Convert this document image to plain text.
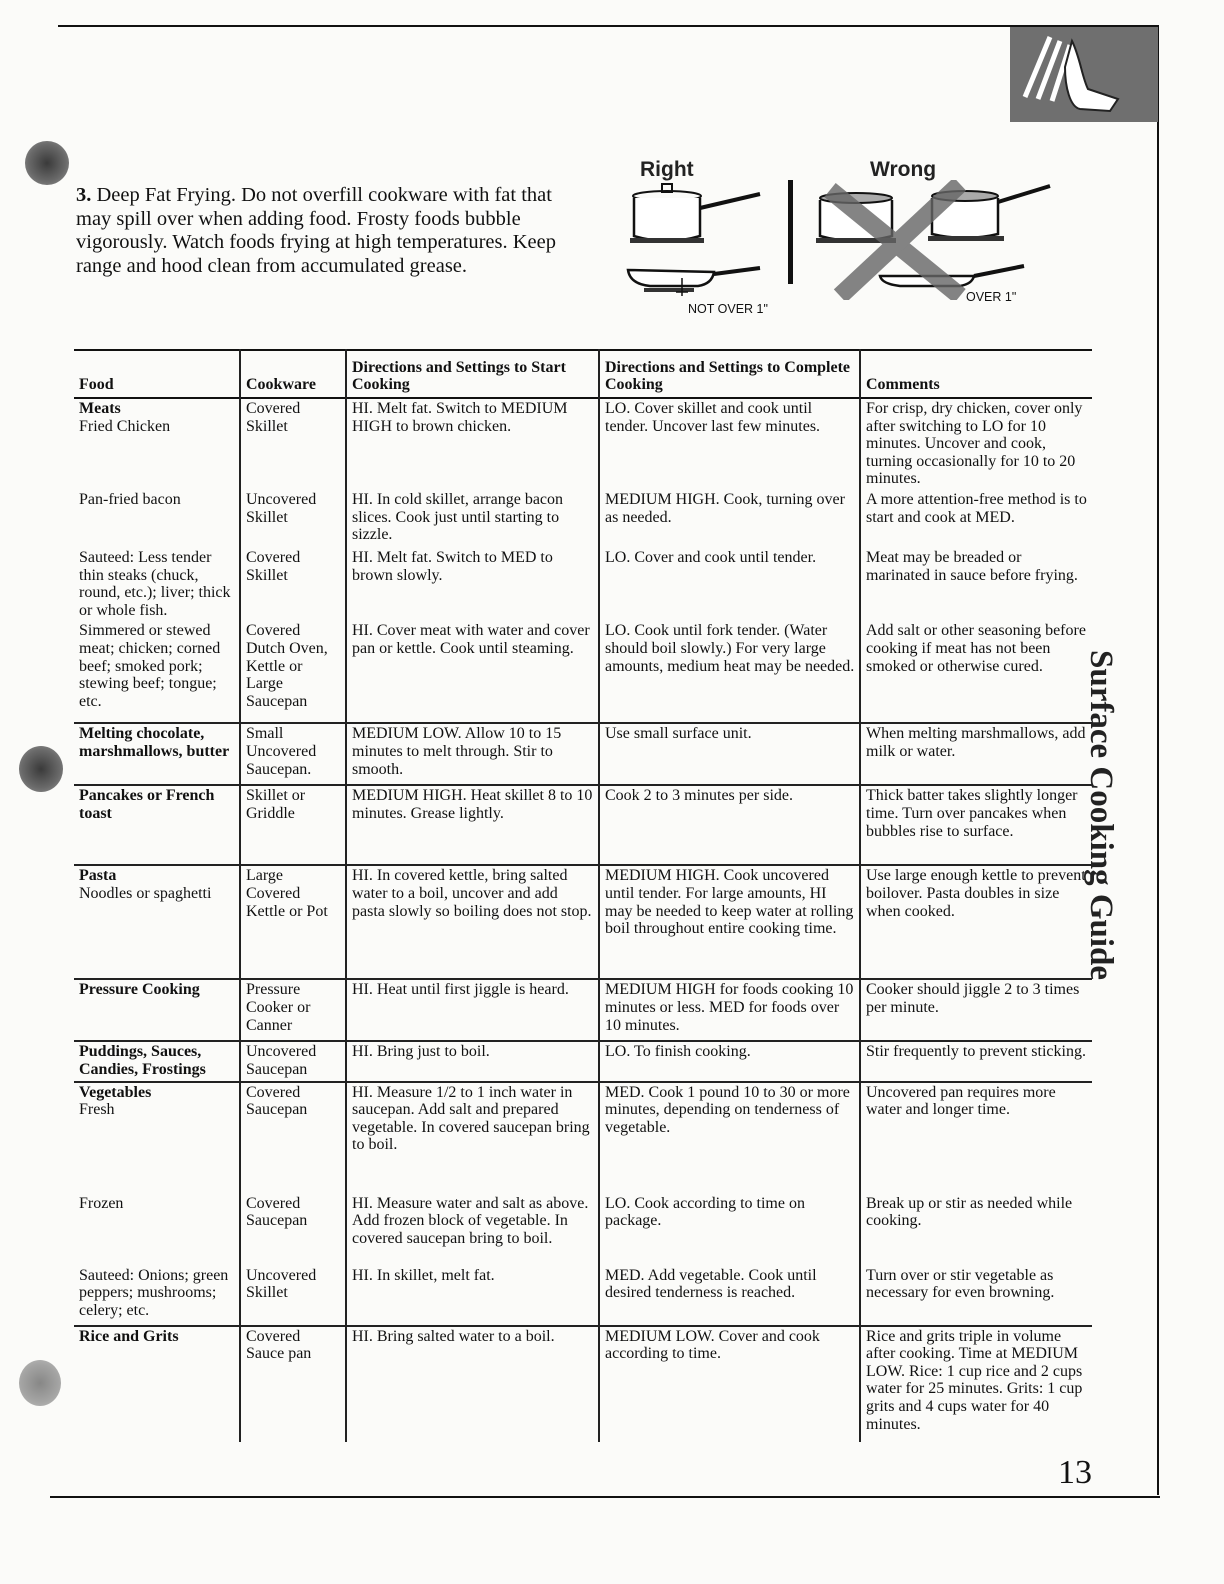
3. Deep Fat Frying. Do not overfill cookware with fat that may spill over when adding food. Frosty foods bubble vigorously. Watch foods frying at high temperatures. Keep range and hood clean from accumulated grease.
Right	Wrong
NOT OVER 1"
OVER 1"
Food	Cookware	Directions and Settings to Start Cooking	Directions and Settings to Complete Cooking	Comments

Meats
Fried Chicken	Covered Skillet	HI. Melt fat. Switch to MEDIUM HIGH to brown chicken.	LO. Cover skillet and cook until tender. Uncover last few minutes.	For crisp, dry chicken, cover only after switching to LO for 10 minutes. Uncover and cook, turning occasionally for 10 to 20 minutes.

Pan-fried bacon	Uncovered Skillet	HI. In cold skillet, arrange bacon slices. Cook just until starting to sizzle.	MEDIUM HIGH. Cook, turning over as needed.	A more attention-free method is to start and cook at MED.

Sauteed: Less tender thin steaks (chuck, round, etc.); liver; thick or whole fish.	Covered Skillet	HI. Melt fat. Switch to MED to brown slowly.	LO. Cover and cook until tender.	Meat may be breaded or marinated in sauce before frying.

Simmered or stewed meat; chicken; corned beef; smoked pork; stewing beef; tongue; etc.	Covered Dutch Oven, Kettle or Large Saucepan	HI. Cover meat with water and cover pan or kettle. Cook until steaming.	LO. Cook until fork tender. (Water should boil slowly.) For very large amounts, medium heat may be needed.	Add salt or other seasoning before cooking if meat has not been smoked or otherwise cured.

Melting chocolate, marshmallows, butter	Small Uncovered Saucepan.	MEDIUM LOW. Allow 10 to 15 minutes to melt through. Stir to smooth.	Use small surface unit.	When melting marshmallows, add milk or water.

Pancakes or French toast	Skillet or Griddle	MEDIUM HIGH. Heat skillet 8 to 10 minutes. Grease lightly.	Cook 2 to 3 minutes per side.	Thick batter takes slightly longer time. Turn over pancakes when bubbles rise to surface.

Pasta
Noodles or spaghetti	Large Covered Kettle or Pot	HI. In covered kettle, bring salted water to a boil, uncover and add pasta slowly so boiling does not stop.	MEDIUM HIGH. Cook uncovered until tender. For large amounts, HI may be needed to keep water at rolling boil throughout entire cooking time.	Use large enough kettle to prevent boilover. Pasta doubles in size when cooked.

Pressure Cooking	Pressure Cooker or Canner	HI. Heat until first jiggle is heard.	MEDIUM HIGH for foods cooking 10 minutes or less. MED for foods over 10 minutes.	Cooker should jiggle 2 to 3 times per minute.

Puddings, Sauces, Candies, Frostings	Uncovered Saucepan	HI. Bring just to boil.	LO. To finish cooking.	Stir frequently to prevent sticking.

Vegetables
Fresh	Covered Saucepan	HI. Measure 1/2 to 1 inch water in saucepan. Add salt and prepared vegetable. In covered saucepan bring to boil.	MED. Cook 1 pound 10 to 30 or more minutes, depending on tenderness of vegetable.	Uncovered pan requires more water and longer time.

Frozen	Covered Saucepan	HI. Measure water and salt as above. Add frozen block of vegetable. In covered saucepan bring to boil.	LO. Cook according to time on package.	Break up or stir as needed while cooking.

Sauteed: Onions; green peppers; mushrooms; celery; etc.	Uncovered Skillet	HI. In skillet, melt fat.	MED. Add vegetable. Cook until desired tenderness is reached.	Turn over or stir vegetable as necessary for even browning.

Rice and Grits	Covered Sauce pan	HI. Bring salted water to a boil.	MEDIUM LOW. Cover and cook according to time.	Rice and grits triple in volume after cooking. Time at MEDIUM LOW. Rice: 1 cup rice and 2 cups water for 25 minutes. Grits: 1 cup grits and 4 cups water for 40 minutes.
Surface Cooking Guide
13
